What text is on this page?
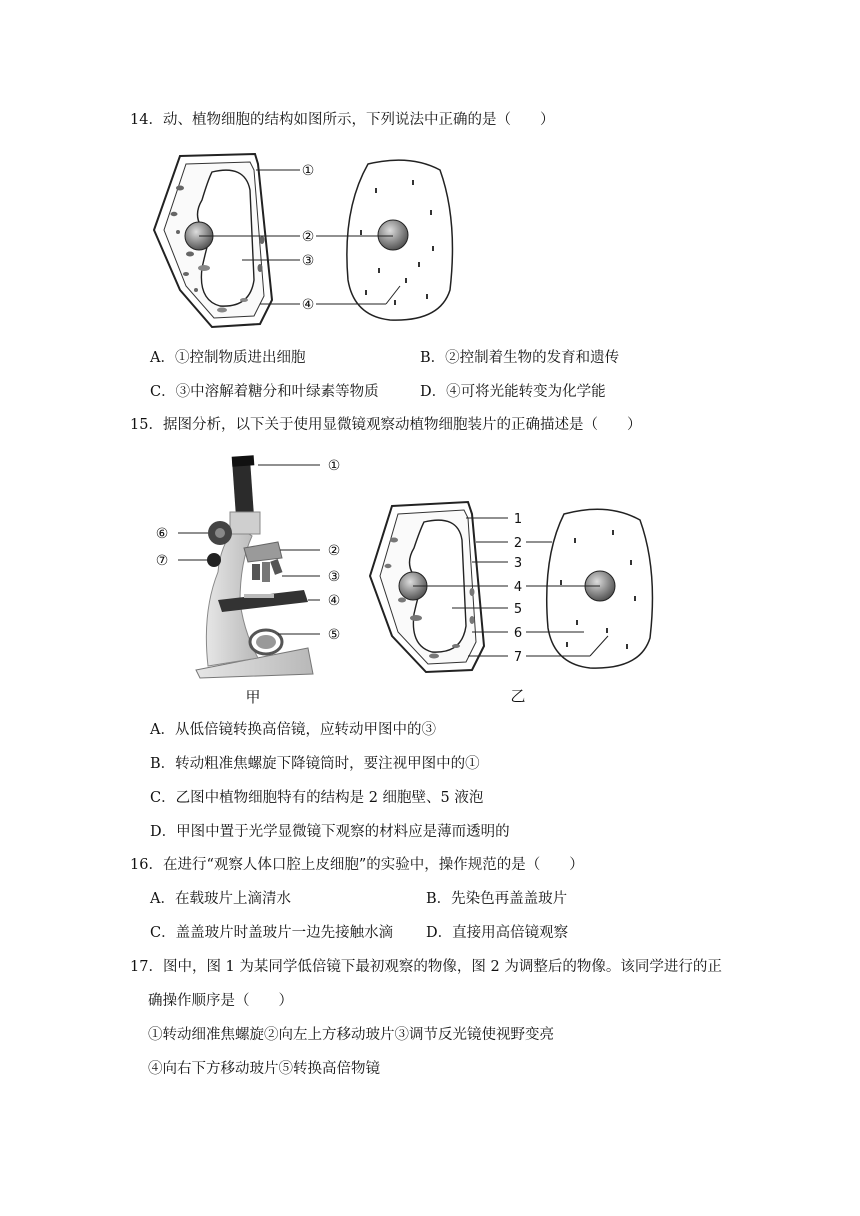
14．动、植物细胞的结构如图所示，下列说法中正确的是（　　）
①
②
③
④
A．①控制物质进出细胞	B．②控制着生物的发育和遗传
C．③中溶解着糖分和叶绿素等物质	D．④可将光能转变为化学能
15．据图分析，以下关于使用显微镜观察动植物细胞装片的正确描述是（　　）
①
②
③
④
⑤
⑥
⑦
甲
1
2
3
4
5
6
7
乙
A．从低倍镜转换高倍镜，应转动甲图中的③
B．转动粗准焦螺旋下降镜筒时，要注视甲图中的①
C．乙图中植物细胞特有的结构是 2 细胞壁、5 液泡
D．甲图中置于光学显微镜下观察的材料应是薄而透明的
16．在进行“观察人体口腔上皮细胞”的实验中，操作规范的是（　　）
A．在载玻片上滴清水	B．先染色再盖盖玻片
C．盖盖玻片时盖玻片一边先接触水滴 D．直接用高倍镜观察
17．图中，图 1 为某同学低倍镜下最初观察的物像，图 2 为调整后的物像。该同学进行的正
确操作顺序是（　　）
①转动细准焦螺旋②向左上方移动玻片③调节反光镜使视野变亮
④向右下方移动玻片⑤转换高倍物镜
